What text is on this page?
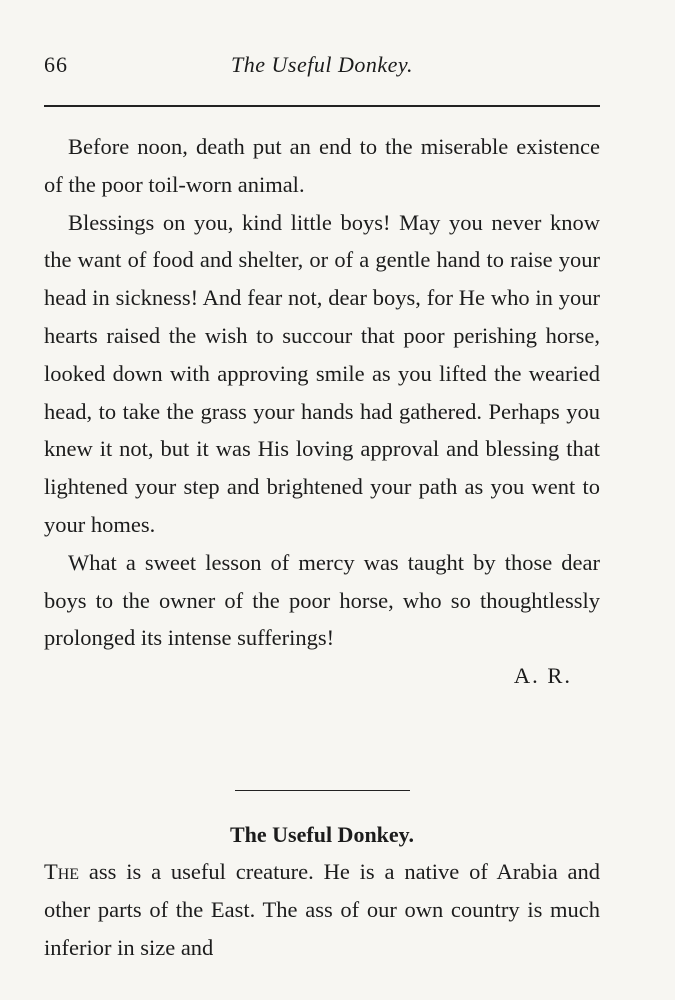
66	The Useful Donkey.

Before noon, death put an end to the miserable existence of the poor toil-worn animal.

Blessings on you, kind little boys! May you never know the want of food and shelter, or of a gentle hand to raise your head in sickness! And fear not, dear boys, for He who in your hearts raised the wish to succour that poor perishing horse, looked down with approving smile as you lifted the wearied head, to take the grass your hands had gathered. Perhaps you knew it not, but it was His loving approval and blessing that lightened your step and brightened your path as you went to your homes.

What a sweet lesson of mercy was taught by those dear boys to the owner of the poor horse, who so thoughtlessly prolonged its intense sufferings!

A. R.

The Useful Donkey.

The ass is a useful creature. He is a native of Arabia and other parts of the East. The ass of our own country is much inferior in size and
